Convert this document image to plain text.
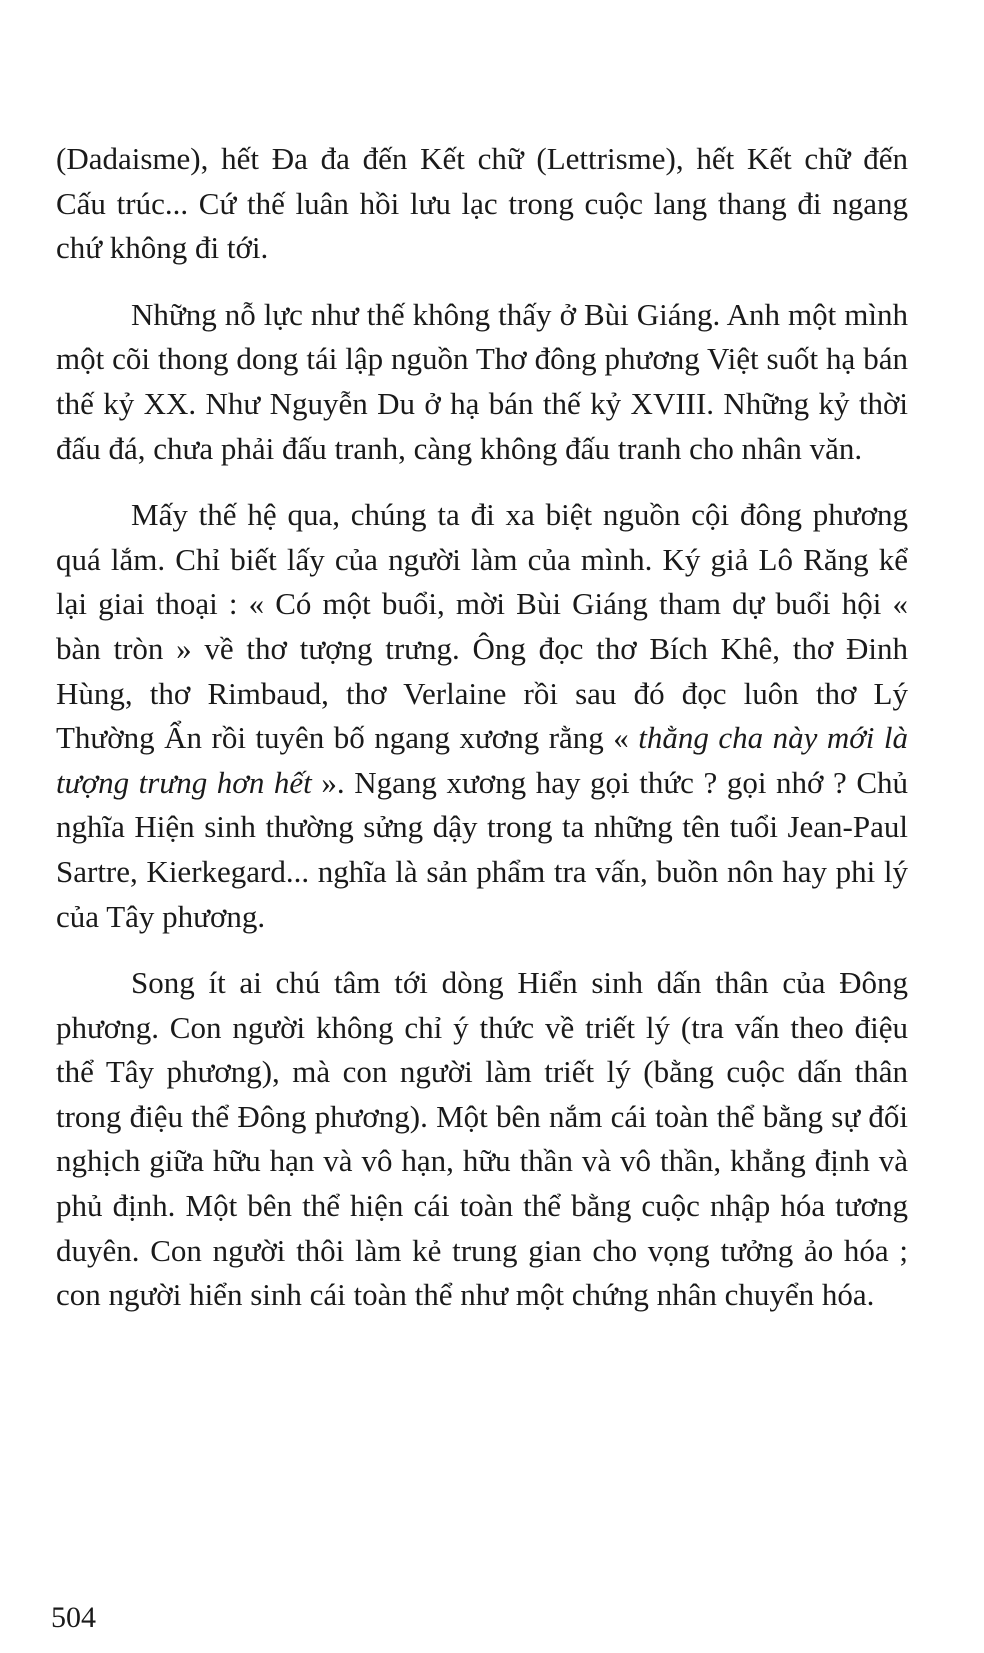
(Dadaisme), hết Đa đa đến Kết chữ (Lettrisme), hết Kết chữ đến Cấu trúc... Cứ thế luân hồi lưu lạc trong cuộc lang thang đi ngang chứ không đi tới.

Những nỗ lực như thế không thấy ở Bùi Giáng. Anh một mình một cõi thong dong tái lập nguồn Thơ đông phương Việt suốt hạ bán thế kỷ XX. Như Nguyễn Du ở hạ bán thế kỷ XVIII. Những kỷ thời đấu đá, chưa phải đấu tranh, càng không đấu tranh cho nhân văn.

Mấy thế hệ qua, chúng ta đi xa biệt nguồn cội đông phương quá lắm. Chỉ biết lấy của người làm của mình. Ký giả Lô Răng kể lại giai thoại : « Có một buổi, mời Bùi Giáng tham dự buổi hội « bàn tròn » về thơ tượng trưng. Ông đọc thơ Bích Khê, thơ Đinh Hùng, thơ Rimbaud, thơ Verlaine rồi sau đó đọc luôn thơ Lý Thường Ẩn rồi tuyên bố ngang xương rằng « thằng cha này mới là tượng trưng hơn hết ». Ngang xương hay gọi thức ? gọi nhớ ? Chủ nghĩa Hiện sinh thường sửng dậy trong ta những tên tuổi Jean-Paul Sartre, Kierkegard... nghĩa là sản phẩm tra vấn, buồn nôn hay phi lý của Tây phương.

Song ít ai chú tâm tới dòng Hiển sinh dấn thân của Đông phương. Con người không chỉ ý thức về triết lý (tra vấn theo điệu thể Tây phương), mà con người làm triết lý (bằng cuộc dấn thân trong điệu thể Đông phương). Một bên nắm cái toàn thể bằng sự đối nghịch giữa hữu hạn và vô hạn, hữu thần và vô thần, khẳng định và phủ định. Một bên thể hiện cái toàn thể bằng cuộc nhập hóa tương duyên. Con người thôi làm kẻ trung gian cho vọng tưởng ảo hóa ; con người hiển sinh cái toàn thể như một chứng nhân chuyển hóa.

504
